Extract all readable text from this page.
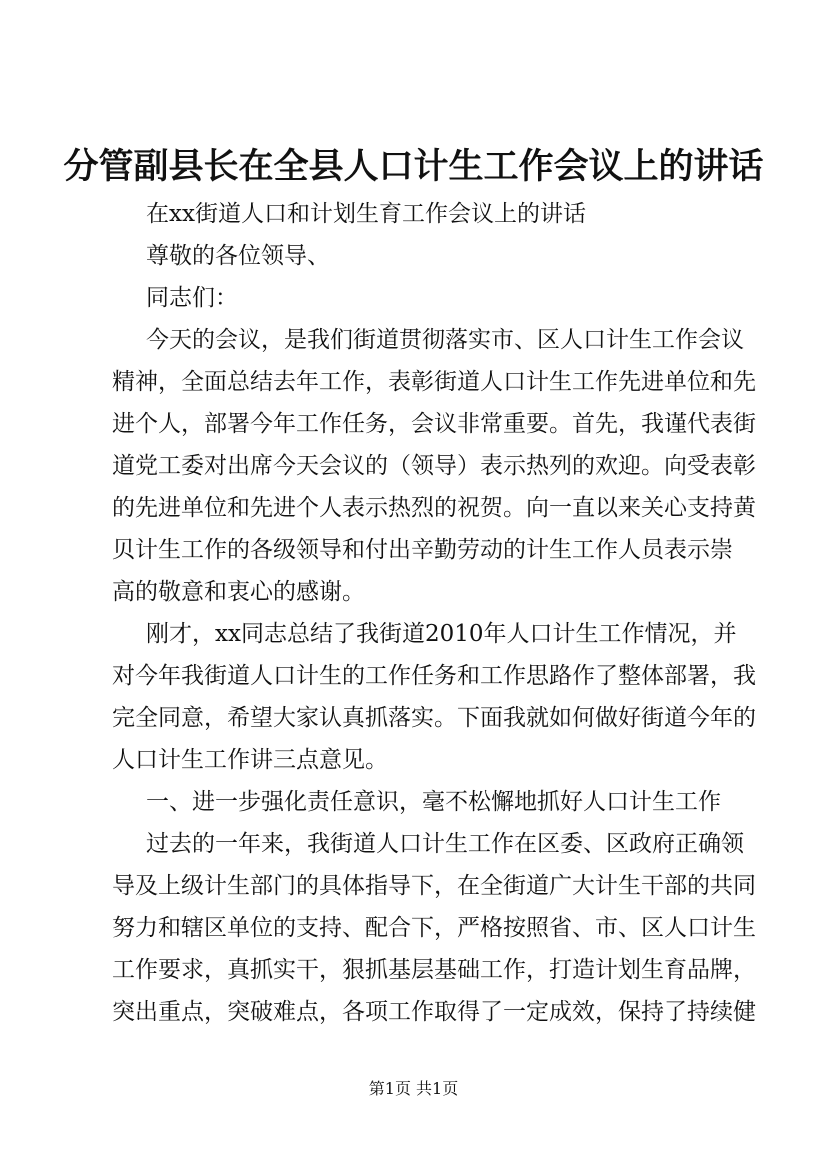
分管副县长在全县人口计生工作会议上的讲话
在xx街道人口和计划生育工作会议上的讲话
尊敬的各位领导、
同志们：
今天的会议，是我们街道贯彻落实市、区人口计生工作会议
精神，全面总结去年工作，表彰街道人口计生工作先进单位和先
进个人，部署今年工作任务，会议非常重要。首先，我谨代表街
道党工委对出席今天会议的（领导）表示热列的欢迎。向受表彰
的先进单位和先进个人表示热烈的祝贺。向一直以来关心支持黄
贝计生工作的各级领导和付出辛勤劳动的计生工作人员表示崇
高的敬意和衷心的感谢。
刚才，xx同志总结了我街道2010年人口计生工作情况，并
对今年我街道人口计生的工作任务和工作思路作了整体部署，我
完全同意，希望大家认真抓落实。下面我就如何做好街道今年的
人口计生工作讲三点意见。
一、进一步强化责任意识，毫不松懈地抓好人口计生工作
过去的一年来，我街道人口计生工作在区委、区政府正确领
导及上级计生部门的具体指导下，在全街道广大计生干部的共同
努力和辖区单位的支持、配合下，严格按照省、市、区人口计生
工作要求，真抓实干，狠抓基层基础工作，打造计划生育品牌，
突出重点，突破难点，各项工作取得了一定成效，保持了持续健
第1页 共1页
